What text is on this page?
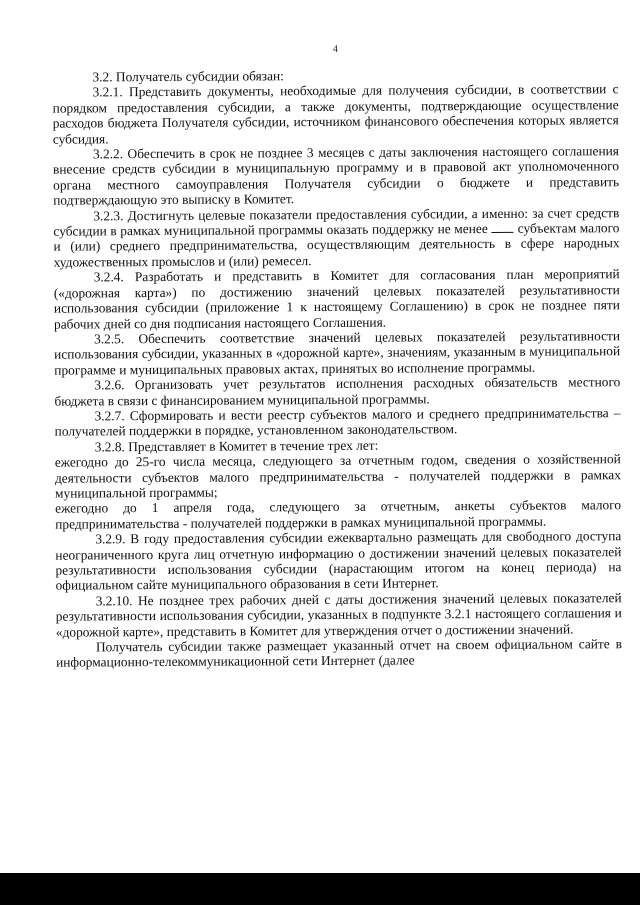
4

3.2. Получатель субсидии обязан:

3.2.1. Представить документы, необходимые для получения субсидии, в соответствии с порядком предоставления субсидии, а также документы, подтверждающие осуществление расходов бюджета Получателя субсидии, источником финансового обеспечения которых является субсидия.

3.2.2. Обеспечить в срок не позднее 3 месяцев с даты заключения настоящего соглашения внесение средств субсидии в муниципальную программу и в правовой акт уполномоченного органа местного самоуправления Получателя субсидии о бюджете и представить подтверждающую это выписку в Комитет.

3.2.3. Достигнуть целевые показатели предоставления субсидии, а именно: за счет средств субсидии в рамках муниципальной программы оказать поддержку не менее субъектам малого и (или) среднего предпринимательства, осуществляющим деятельность в сфере народных художественных промыслов и (или) ремесел.

3.2.4. Разработать и представить в Комитет для согласования план мероприятий («дорожная карта») по достижению значений целевых показателей результативности использования субсидии (приложение 1 к настоящему Соглашению) в срок не позднее пяти рабочих дней со дня подписания настоящего Соглашения.

3.2.5. Обеспечить соответствие значений целевых показателей результативности использования субсидии, указанных в «дорожной карте», значениям, указанным в муниципальной программе и муниципальных правовых актах, принятых во исполнение программы.

3.2.6. Организовать учет результатов исполнения расходных обязательств местного бюджета в связи с финансированием муниципальной программы.

3.2.7. Сформировать и вести реестр субъектов малого и среднего предпринимательства – получателей поддержки в порядке, установленном законодательством.

3.2.8. Представляет в Комитет в течение трех лет:

ежегодно до 25-го числа месяца, следующего за отчетным годом, сведения о хозяйственной деятельности субъектов малого предпринимательства - получателей поддержки в рамках муниципальной программы;

ежегодно до 1 апреля года, следующего за отчетным, анкеты субъектов малого предпринимательства - получателей поддержки в рамках муниципальной программы.

3.2.9. В году предоставления субсидии ежеквартально размещать для свободного доступа неограниченного круга лиц отчетную информацию о достижении значений целевых показателей результативности использования субсидии (нарастающим итогом на конец периода) на официальном сайте муниципального образования в сети Интернет.

3.2.10. Не позднее трех рабочих дней с даты достижения значений целевых показателей результативности использования субсидии, указанных в подпункте 3.2.1 настоящего соглашения и «дорожной карте», представить в Комитет для утверждения отчет о достижении значений.

Получатель субсидии также размещает указанный отчет на своем официальном сайте в информационно-телекоммуникационной сети Интернет (далее
